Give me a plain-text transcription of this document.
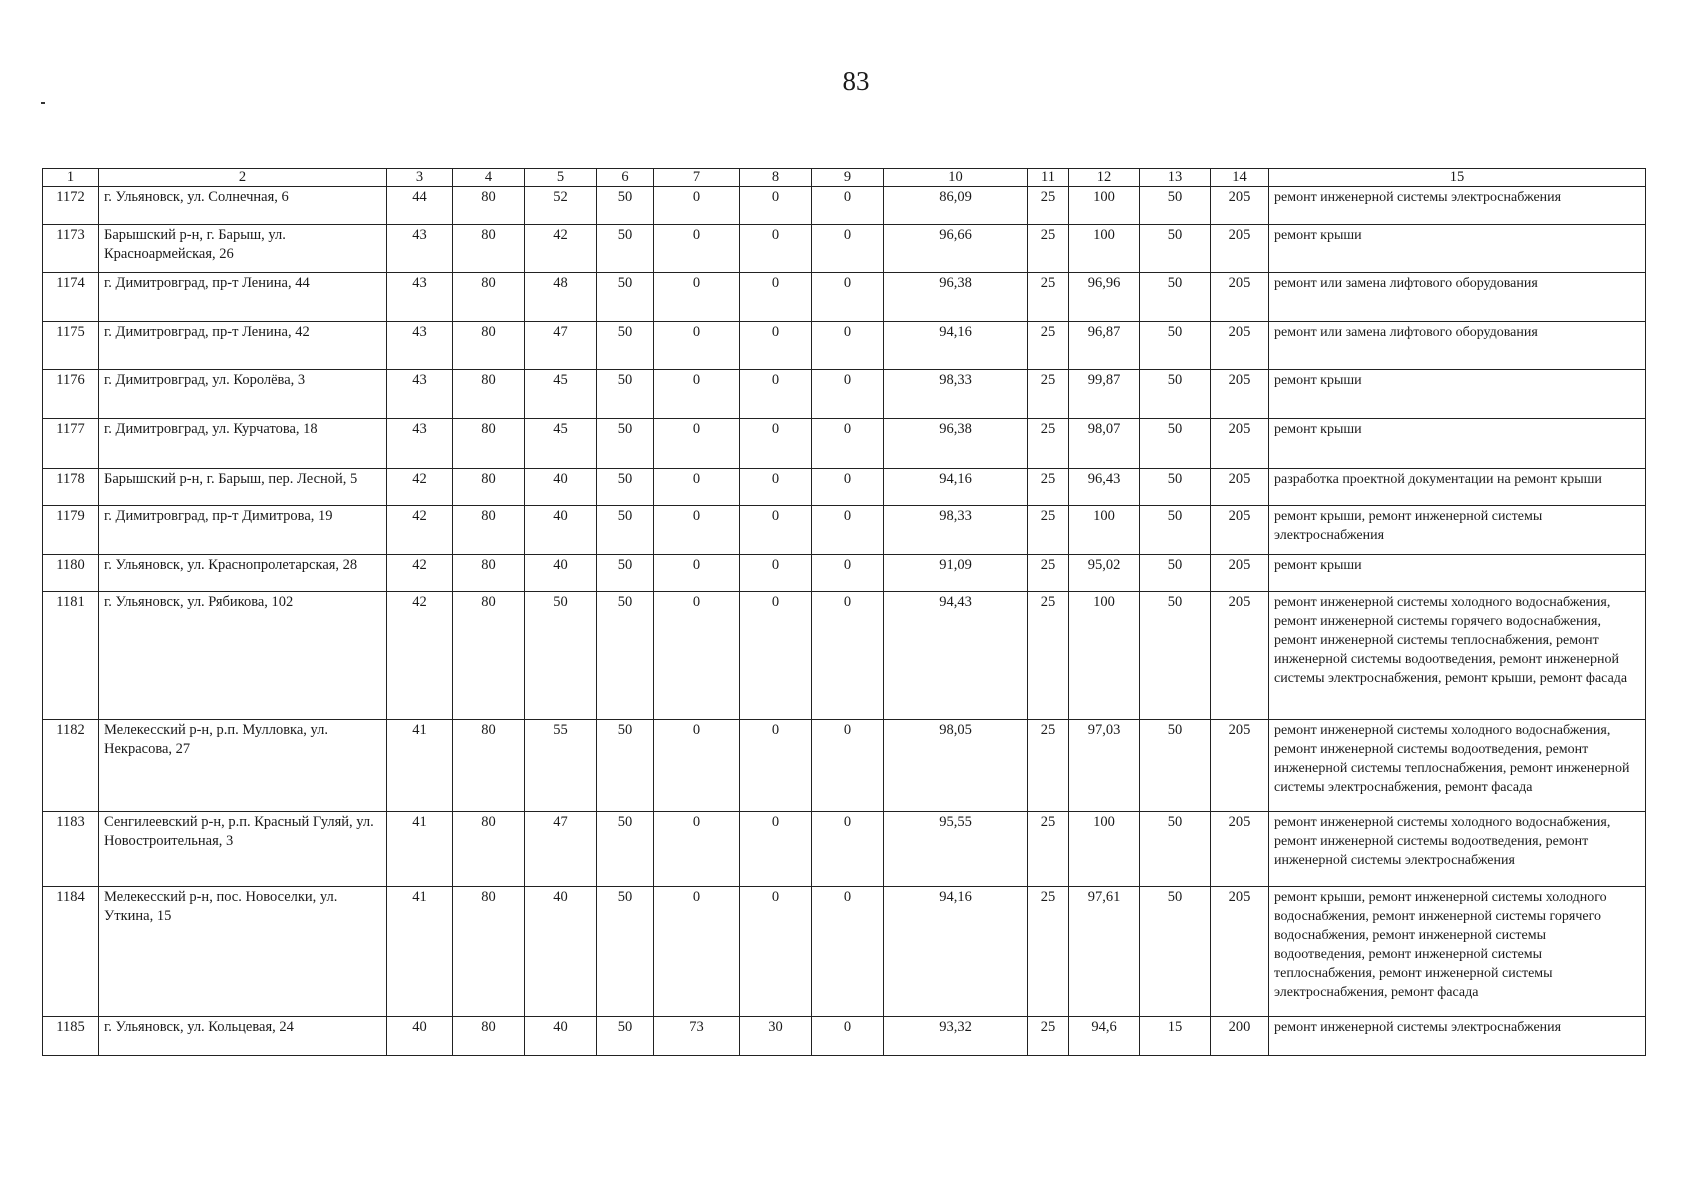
83
1	2	3	4	5	6	7	8	9	10	11	12	13	14	15
1172	г. Ульяновск, ул. Солнечная, 6	44	80	52	50	0	0	0	86,09	25	100	50	205	ремонт инженерной системы электроснабжения
1173	Барышский р-н, г. Барыш, ул. Красноармейская, 26	43	80	42	50	0	0	0	96,66	25	100	50	205	ремонт крыши
1174	г. Димитровград, пр-т Ленина, 44	43	80	48	50	0	0	0	96,38	25	96,96	50	205	ремонт или замена лифтового оборудования
1175	г. Димитровград, пр-т Ленина, 42	43	80	47	50	0	0	0	94,16	25	96,87	50	205	ремонт или замена лифтового оборудования
1176	г. Димитровград, ул. Королёва, 3	43	80	45	50	0	0	0	98,33	25	99,87	50	205	ремонт крыши
1177	г. Димитровград, ул. Курчатова, 18	43	80	45	50	0	0	0	96,38	25	98,07	50	205	ремонт крыши
1178	Барышский р-н, г. Барыш, пер. Лесной, 5	42	80	40	50	0	0	0	94,16	25	96,43	50	205	разработка проектной документации на ремонт крыши
1179	г. Димитровград, пр-т Димитрова, 19	42	80	40	50	0	0	0	98,33	25	100	50	205	ремонт крыши, ремонт инженерной системы электроснабжения
1180	г. Ульяновск, ул. Краснопролетарская, 28	42	80	40	50	0	0	0	91,09	25	95,02	50	205	ремонт крыши
1181	г. Ульяновск, ул. Рябикова, 102	42	80	50	50	0	0	0	94,43	25	100	50	205	ремонт инженерной системы холодного водоснабжения, ремонт инженерной системы горячего водоснабжения, ремонт инженерной системы теплоснабжения, ремонт инженерной системы водоотведения, ремонт инженерной системы электроснабжения, ремонт крыши, ремонт фасада
1182	Мелекесский р-н, р.п. Мулловка, ул. Некрасова, 27	41	80	55	50	0	0	0	98,05	25	97,03	50	205	ремонт инженерной системы холодного водоснабжения, ремонт инженерной системы водоотведения, ремонт инженерной системы теплоснабжения, ремонт инженерной системы электроснабжения, ремонт фасада
1183	Сенгилеевский р-н, р.п. Красный Гуляй, ул. Новостроительная, 3	41	80	47	50	0	0	0	95,55	25	100	50	205	ремонт инженерной системы холодного водоснабжения, ремонт инженерной системы водоотведения, ремонт инженерной системы электроснабжения
1184	Мелекесский р-н, пос. Новоселки, ул. Уткина, 15	41	80	40	50	0	0	0	94,16	25	97,61	50	205	ремонт крыши, ремонт инженерной системы холодного водоснабжения, ремонт инженерной системы горячего водоснабжения, ремонт инженерной системы водоотведения, ремонт инженерной системы теплоснабжения, ремонт инженерной системы электроснабжения, ремонт фасада
1185	г. Ульяновск, ул. Кольцевая, 24	40	80	40	50	73	30	0	93,32	25	94,6	15	200	ремонт инженерной системы электроснабжения
